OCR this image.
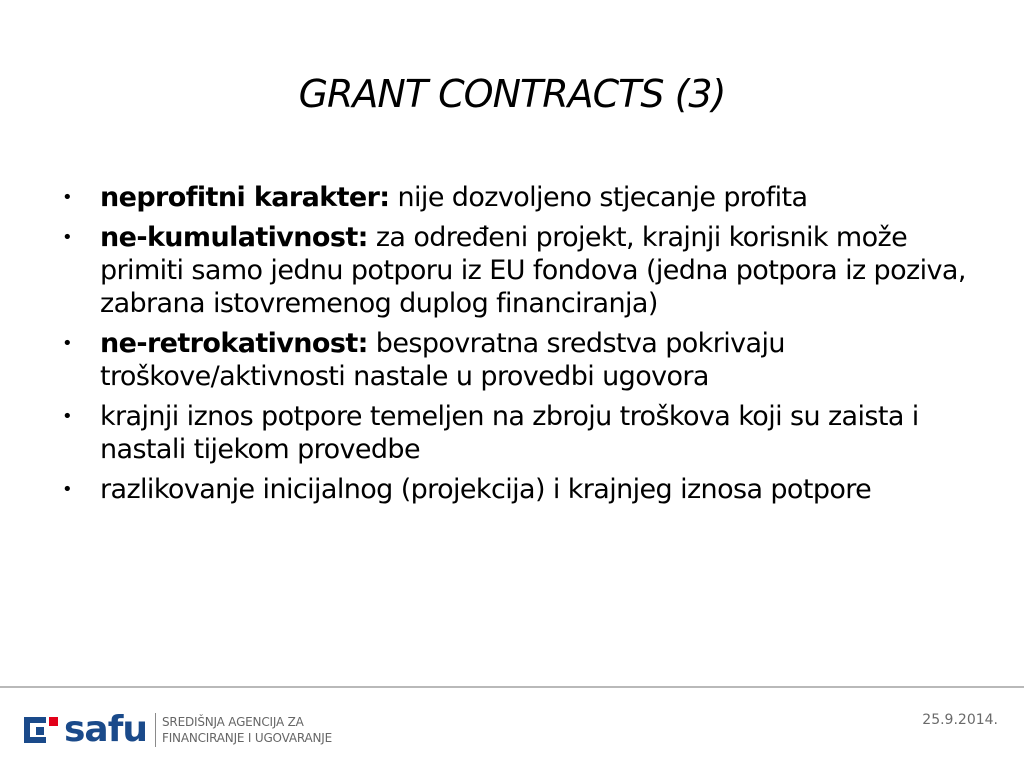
GRANT CONTRACTS (3)
• neprofitni karakter: nije dozvoljeno stjecanje profita
• ne-kumulativnost: za određeni projekt, krajnji korisnik može primiti samo jednu potporu iz EU fondova (jedna potpora iz poziva, zabrana istovremenog duplog financiranja)
• ne-retrokativnost: bespovratna sredstva pokrivaju troškove/aktivnosti nastale u provedbi ugovora
• krajnji iznos potpore temeljen na zbroju troškova koji su zaista i nastali tijekom provedbe
• razlikovanje inicijalnog (projekcija) i krajnjeg iznosa potpore
safu SREDIŠNJA AGENCIJA ZA
FINANCIRANJE I UGOVARANJE
25.9.2014.
